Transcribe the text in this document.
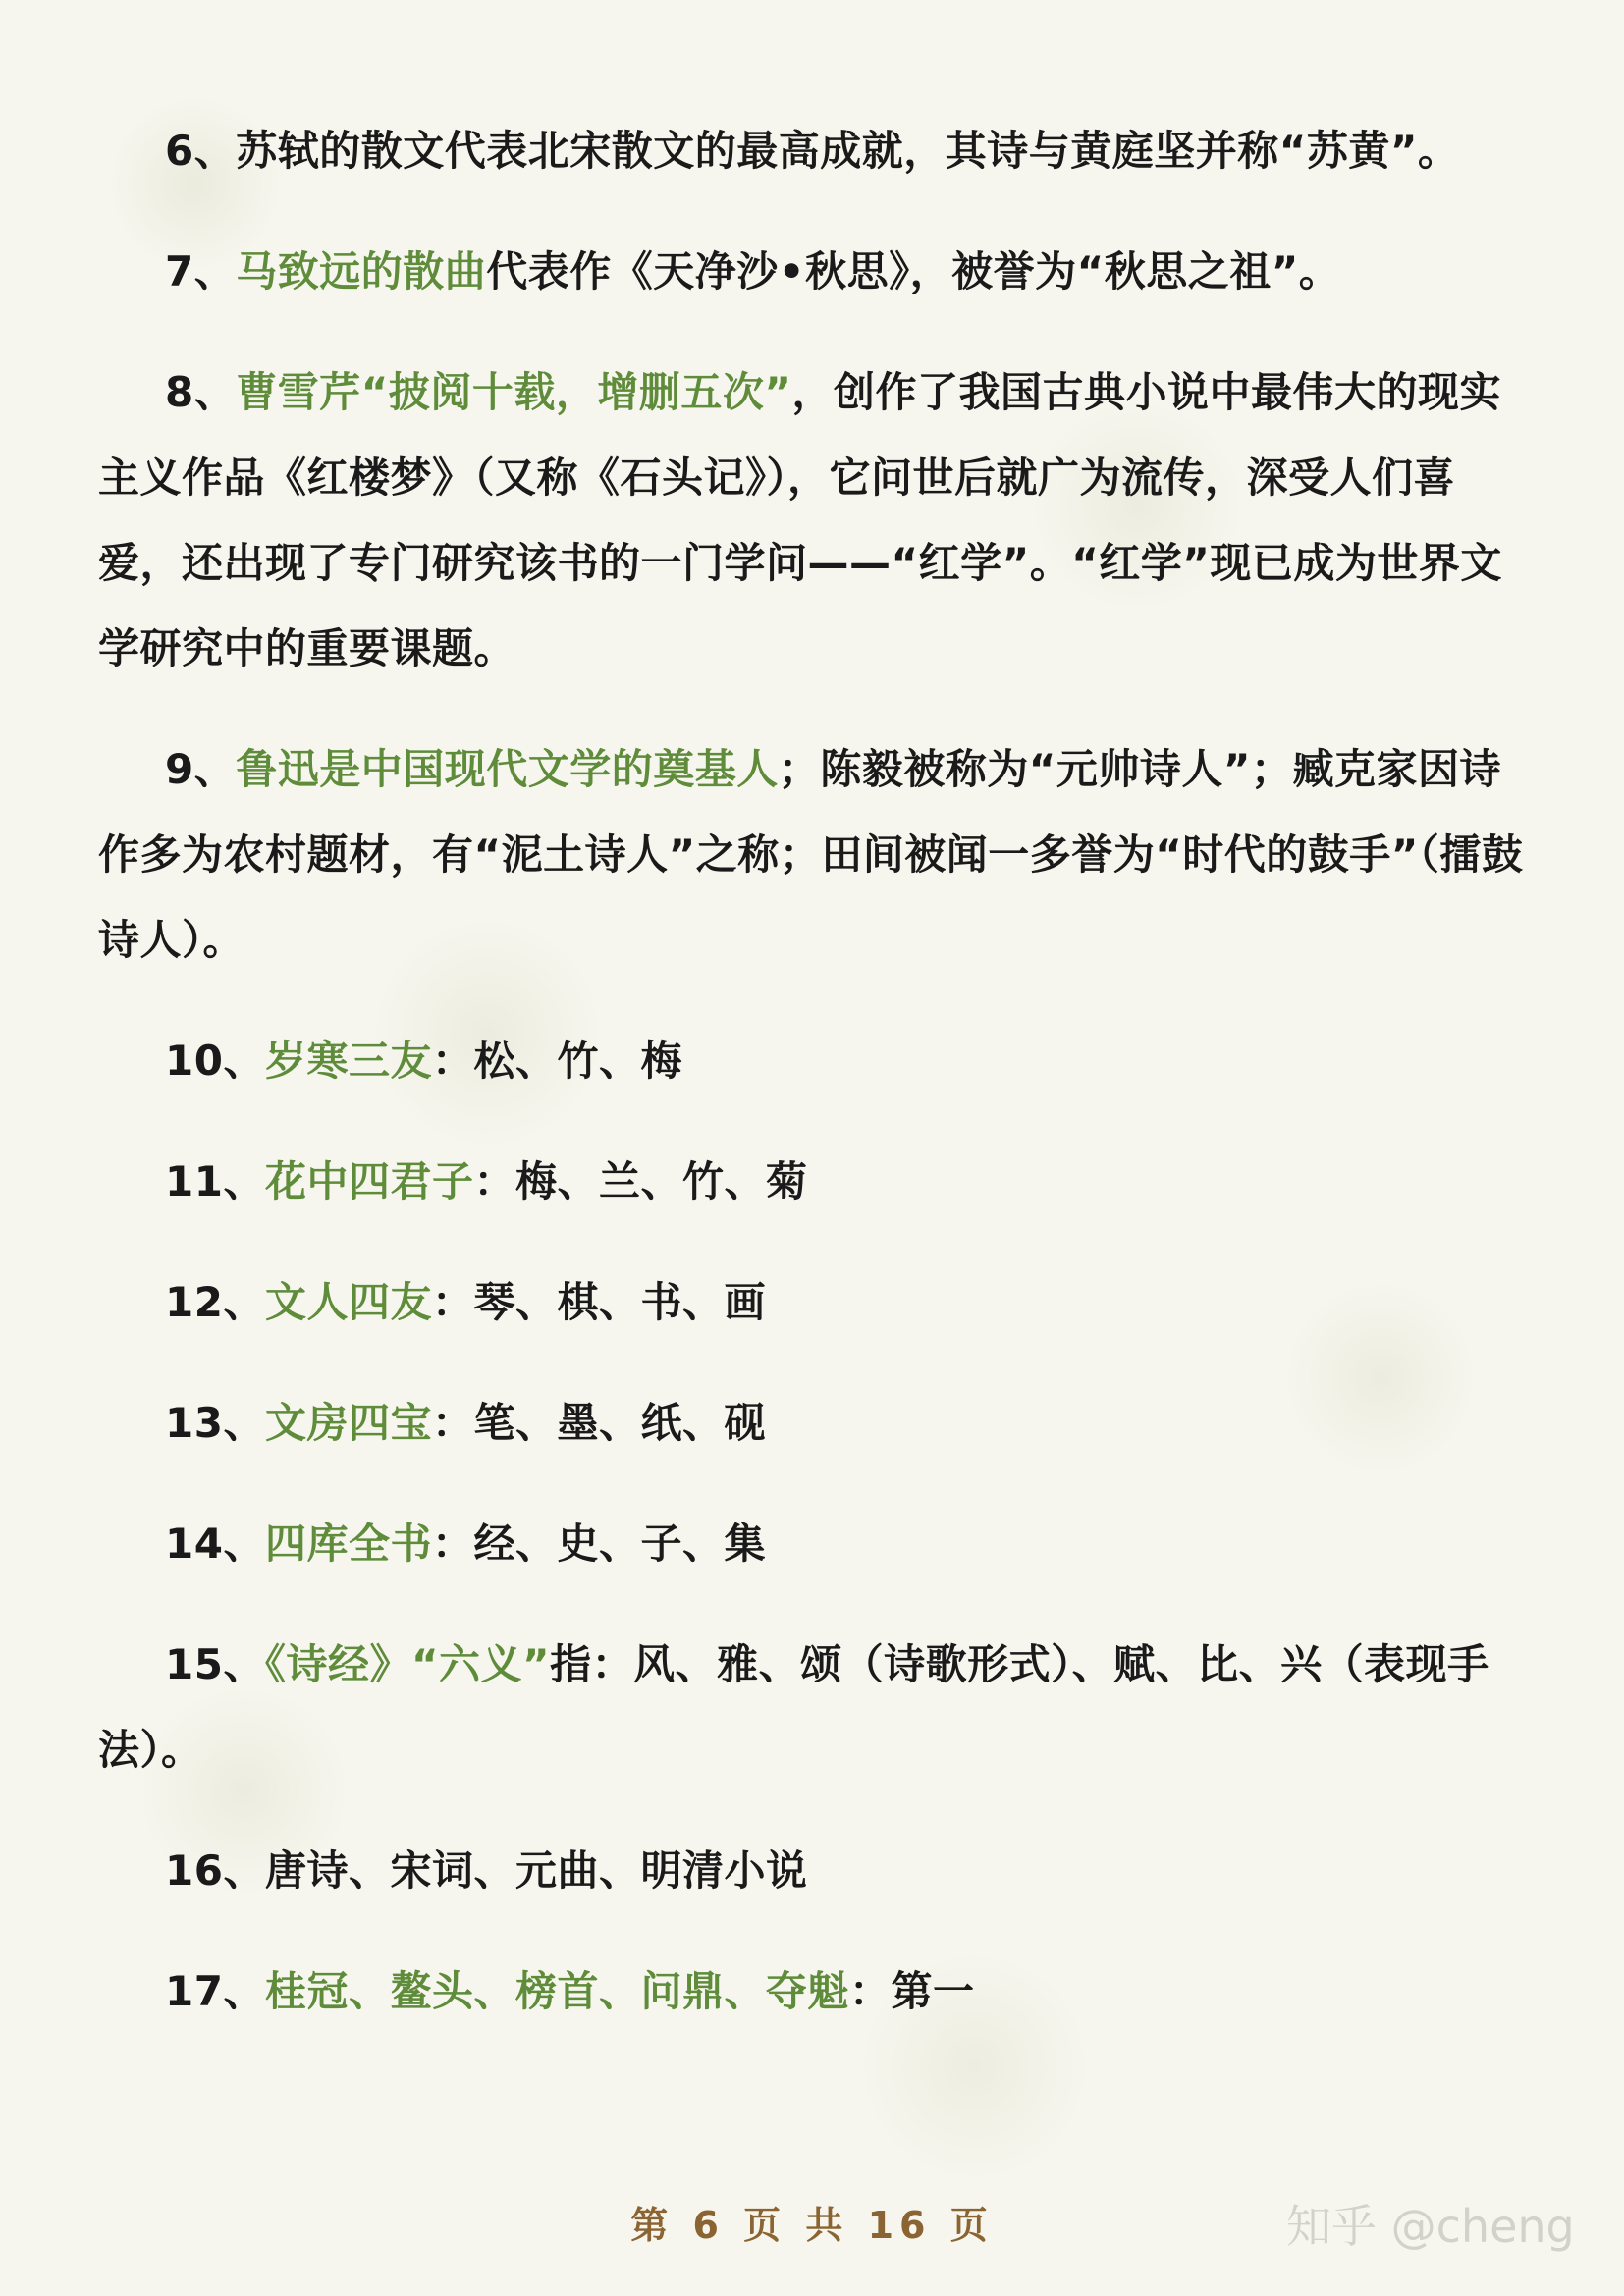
6、苏轼的散文代表北宋散文的最高成就，其诗与黄庭坚并称“苏黄”。

7、马致远的散曲代表作《天净沙•秋思》，被誉为“秋思之祖”。

8、曹雪芹“披阅十载，增删五次”，创作了我国古典小说中最伟大的现实主义作品《红楼梦》（又称《石头记》），它问世后就广为流传，深受人们喜爱，还出现了专门研究该书的一门学问——“红学”。“红学”现已成为世界文学研究中的重要课题。

9、鲁迅是中国现代文学的奠基人；陈毅被称为“元帅诗人”；臧克家因诗作多为农村题材，有“泥土诗人”之称；田间被闻一多誉为“时代的鼓手”（擂鼓诗人）。

10、岁寒三友：松、竹、梅

11、花中四君子：梅、兰、竹、菊

12、文人四友：琴、棋、书、画

13、文房四宝：笔、墨、纸、砚

14、四库全书：经、史、子、集

15、《诗经》“六义”指：风、雅、颂（诗歌形式）、赋、比、兴（表现手法）。

16、唐诗、宋词、元曲、明清小说

17、桂冠、鳌头、榜首、问鼎、夺魁：第一

第 6 页 共 16 页	知乎 @cheng
